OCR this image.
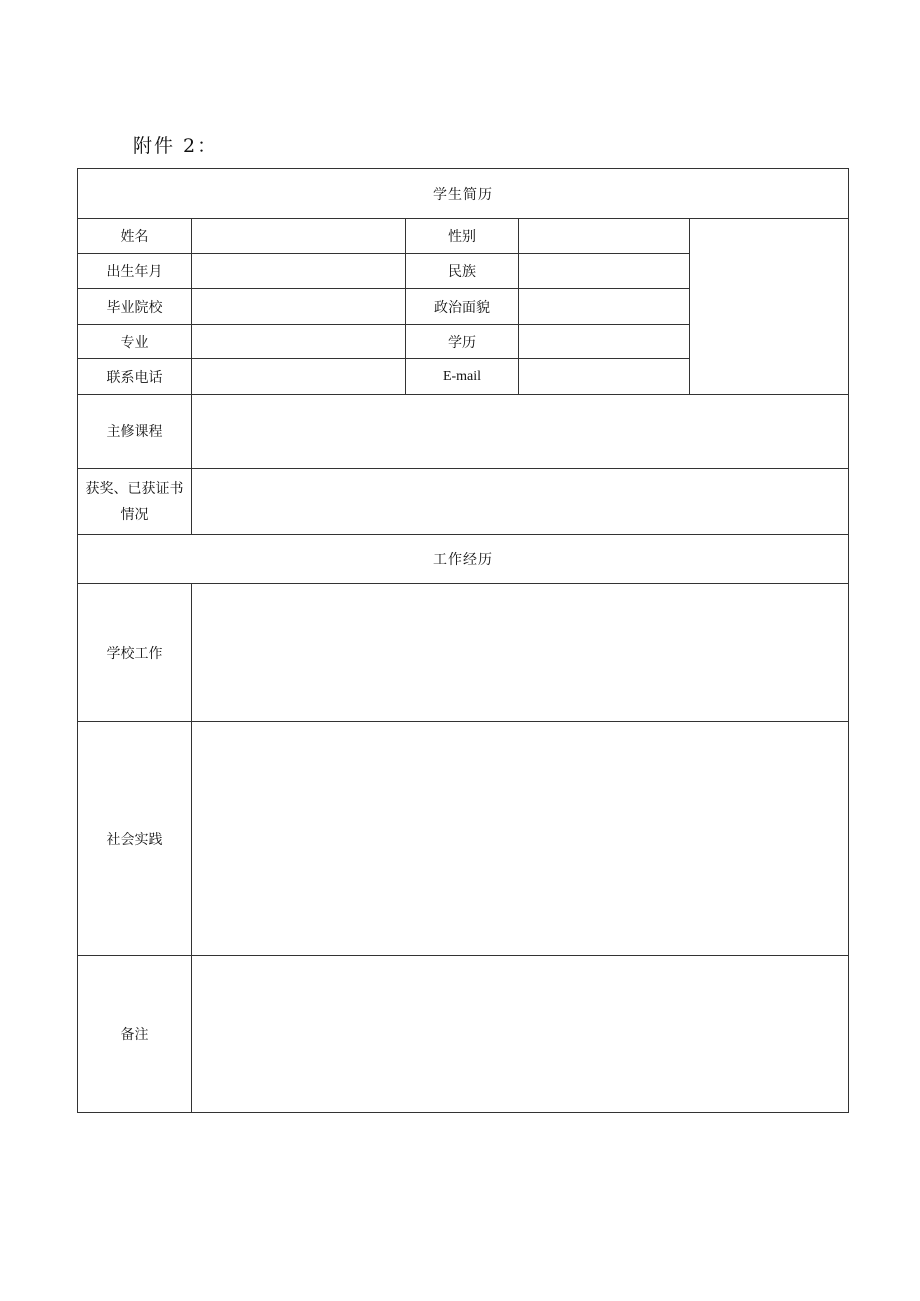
附件 2：
学生简历				
姓名		性别		
出生年月		民族		
毕业院校		政治面貌		
专业		学历		
联系电话		E-mail		
主修课程				

获奖、已获证书
情况				

工作经历				
学校工作				
社会实践				
备注				
